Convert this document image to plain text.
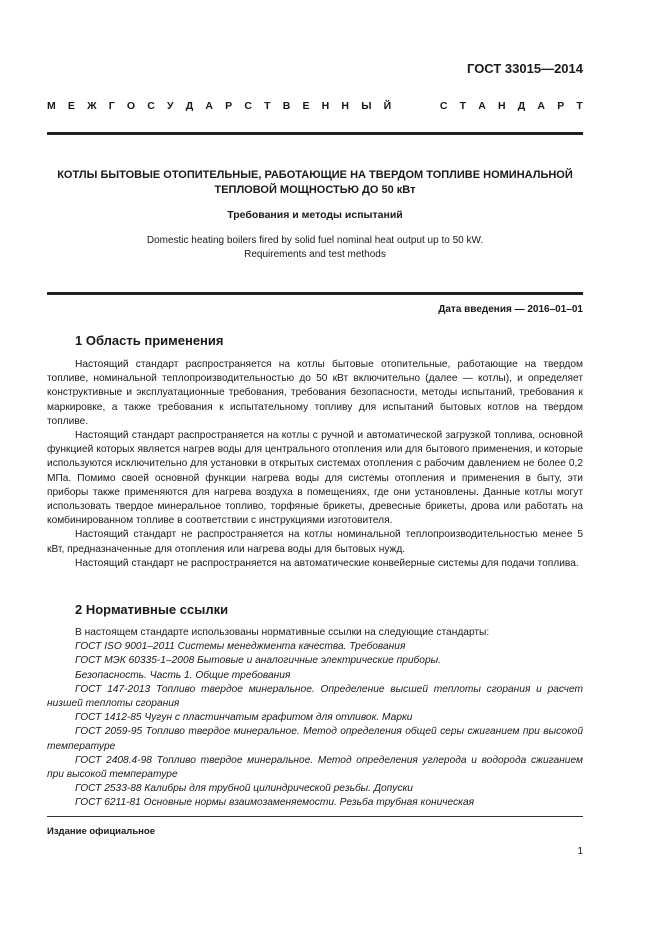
ГОСТ 33015—2014
М Е Ж Г О С У Д А Р С Т В Е Н Н Ы Й	С Т А Н Д А Р Т
КОТЛЫ БЫТОВЫЕ ОТОПИТЕЛЬНЫЕ, РАБОТАЮЩИЕ НА ТВЕРДОМ ТОПЛИВЕ НОМИНАЛЬНОЙ
ТЕПЛОВОЙ МОЩНОСТЬЮ ДО 50 кВт
Требования и методы испытаний
Domestic heating boilers fired by solid fuel nominal heat output up to 50 kW.
Requirements and test methods
Дата введения — 2016–01–01
1 Область применения

Настоящий стандарт распространяется на котлы бытовые отопительные, работающие на твердом топливе, номинальной теплопроизводительностью до 50 кВт включительно (далее — котлы), и определяет конструктивные и эксплуатационные требования, требования безопасности, методы испытаний, требования к маркировке, а также требования к испытательному топливу для испытаний бытовых котлов на твердом топливе.

Настоящий стандарт распространяется на котлы с ручной и автоматической загрузкой топлива, основной функцией которых является нагрев воды для центрального отопления или для бытового применения, и которые используются исключительно для установки в открытых системах отопления с рабочим давлением не более 0,2 МПа. Помимо своей основной функции нагрева воды для системы отопления и применения в быту, эти приборы также применяются для нагрева воздуха в помещениях, где они установлены. Данные котлы могут использовать твердое минеральное топливо, торфяные брикеты, древесные брикеты, дрова или работать на комбинированном топливе в соответствии с инструкциями изготовителя.

Настоящий стандарт не распространяется на котлы номинальной теплопроизводительностью менее 5 кВт, предназначенные для отопления или нагрева воды для бытовых нужд.

Настоящий стандарт не распространяется на автоматические конвейерные системы для подачи топлива.

2 Нормативные ссылки

В настоящем стандарте использованы нормативные ссылки на следующие стандарты:

ГОСТ ISO 9001–2011 Системы менеджмента качества. Требования

ГОСТ МЭК 60335-1–2008 Бытовые и аналогичные электрические приборы.

Безопасность. Часть 1. Общие требования

ГОСТ 147-2013 Топливо твердое минеральное. Определение высшей теплоты сгорания и расчет низшей теплоты сгорания

ГОСТ 1412-85 Чугун с пластинчатым графитом для отливок. Марки

ГОСТ 2059-95 Топливо твердое минеральное. Метод определения общей серы сжиганием при высокой температуре

ГОСТ 2408.4-98 Топливо твердое минеральное. Метод определения углерода и водорода сжиганием при высокой температуре

ГОСТ 2533-88 Калибры для трубной цилиндрической резьбы. Допуски

ГОСТ 6211-81 Основные нормы взаимозаменяемости. Резьба трубная коническая

Издание официальное
1
